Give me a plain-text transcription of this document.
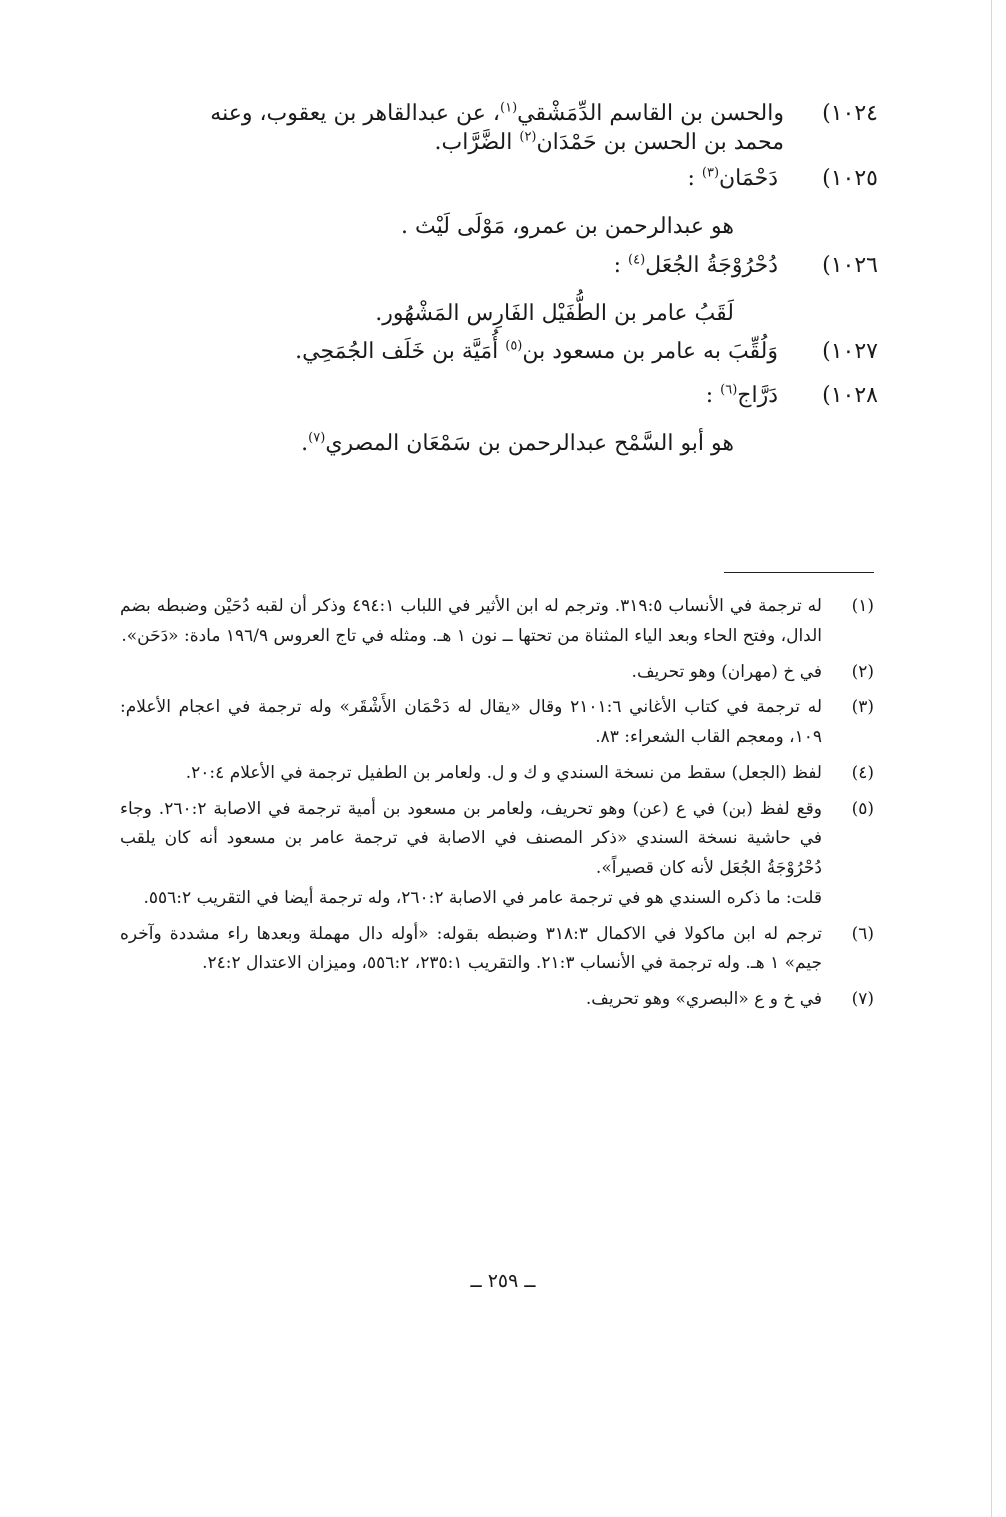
١٠٢٤)
والحسن بن القاسم الدِّمَشْقي$^{(١)}$، عن عبدالقاهر بن يعقوب، وعنه
محمد بن الحسن بن حَمْدَان$^{(٢)}$ الضَّرَّاب.
١٠٢٥)
دَحْمَان$^{(٣)}$ :
هو عبدالرحمن بن عمرو، مَوْلَى لَيْث .
١٠٢٦)
دُحْرُوْجَةُ الجُعَل$^{(٤)}$ :
لَقَبُ عامر بن الطُّفَيْل الفَارِس المَشْهُور.
١٠٢٧)
وَلُقِّبَ به عامر بن مسعود بن$^{(٥)}$ أُمَيَّة بن خَلَف الجُمَحِي.
١٠٢٨)
دَرَّاج$^{(٦)}$ :
هو أبو السَّمْح عبدالرحمن بن سَمْعَان المصري$^{(٧)}$.
(١)
له ترجمة في الأنساب ٣١٩:٥. وترجم له ابن الأثير في اللباب ٤٩٤:١ وذكر أن لقبه دُحَيْن وضبطه بضم الدال، وفتح الحاء وبعد الياء المثناة من تحتها ــ نون ١ هـ. ومثله في تاج العروس ١٩٦/٩ مادة: «دَحَن».
(٢)
في خ (مهران) وهو تحريف.
(٣)
له ترجمة في كتاب الأغاني ٢١٠١:٦ وقال «يقال له دَحْمَان الأَشْقَر» وله ترجمة في اعجام الأعلام: ١٠٩، ومعجم القاب الشعراء: ٨٣.
(٤)
لفظ (الجعل) سقط من نسخة السندي و ك و ل. ولعامر بن الطفيل ترجمة في الأعلام ٢٠:٤.
(٥)
وقع لفظ (بن) في ع (عن) وهو تحريف، ولعامر بن مسعود بن أمية ترجمة في الاصابة ٢٦٠:٢. وجاء في حاشية نسخة السندي «ذكر المصنف في الاصابة في ترجمة عامر بن مسعود أنه كان يلقب دُحْرُوْجَةُ الجُعَل لأنه كان قصيراً».
قلت: ما ذكره السندي هو في ترجمة عامر في الاصابة ٢٦٠:٢، وله ترجمة أيضا في التقريب ٥٥٦:٢.
(٦)
ترجم له ابن ماكولا في الاكمال ٣١٨:٣ وضبطه بقوله: «أوله دال مهملة وبعدها راء مشددة وآخره جيم» ١ هـ. وله ترجمة في الأنساب ٢١:٣. والتقريب ٢٣٥:١، ٥٥٦:٢، وميزان الاعتدال ٢٤:٢.
(٧)
في خ و ع «البصري» وهو تحريف.
ــ ٢٥٩ ــ
